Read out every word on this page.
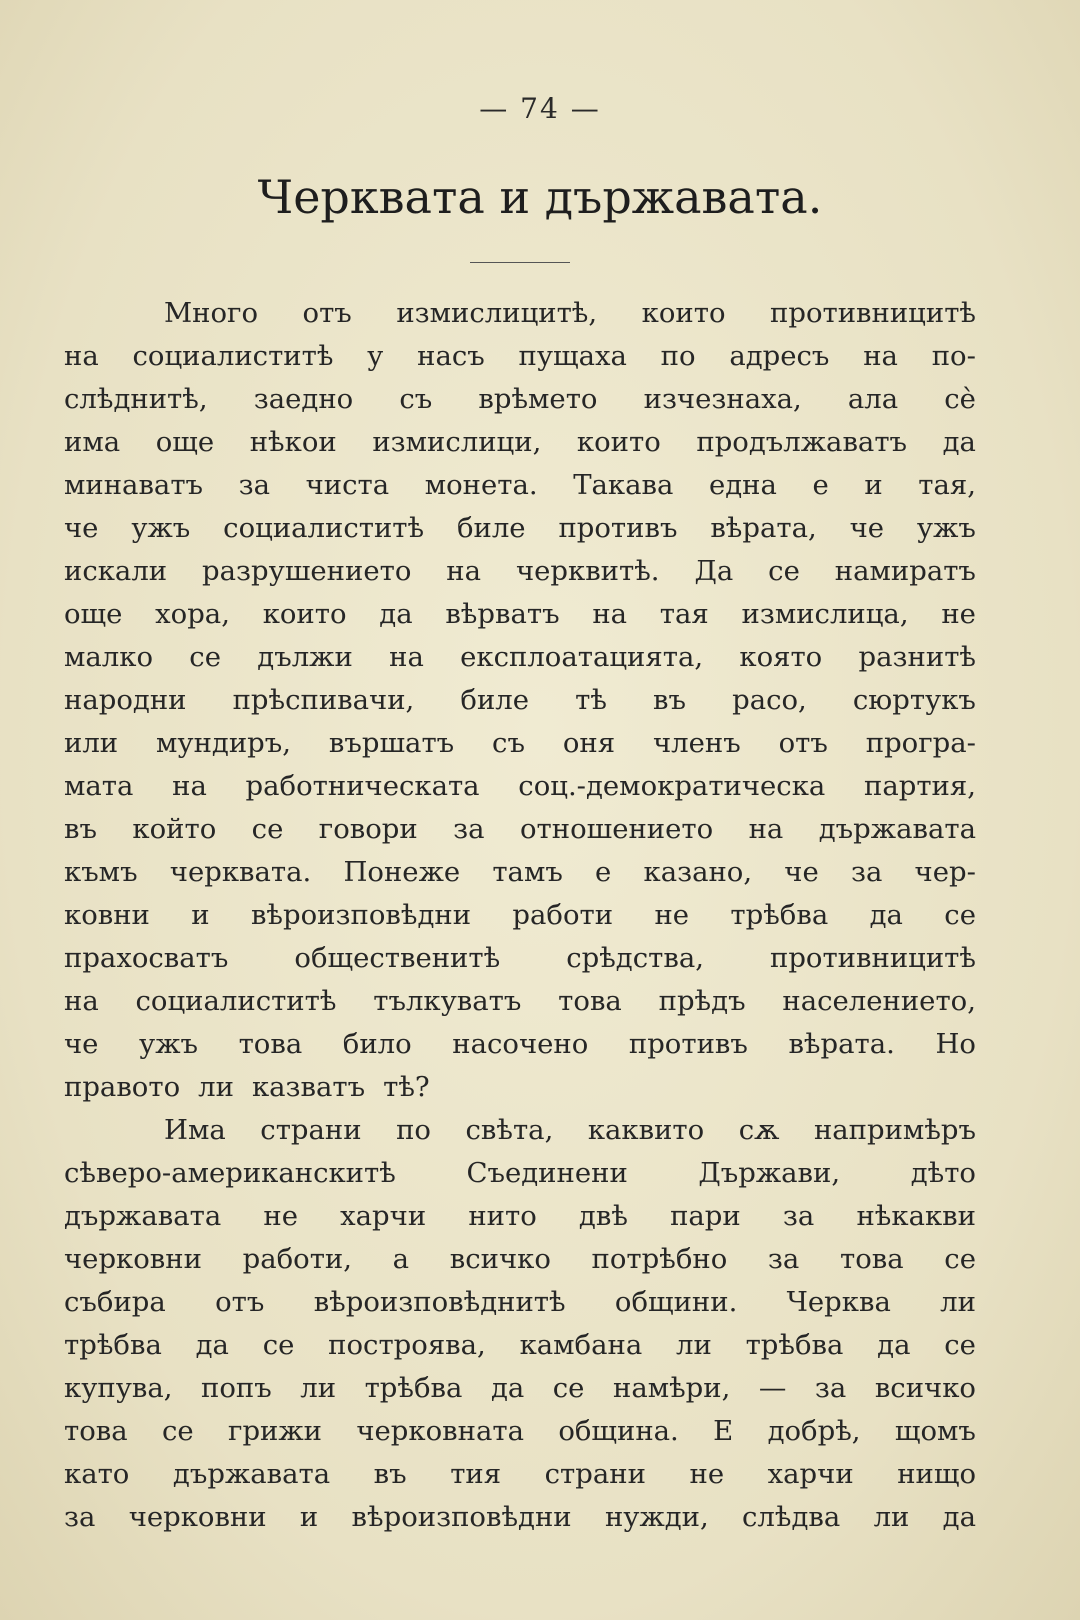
— 74 —
Черквата и държавата.
Много отъ измислицитѣ, които противницитѣ
на социалиститѣ у насъ пущаха по адресъ на по-
слѣднитѣ, заедно съ врѣмето изчезнаха, ала сѐ
има още нѣкои измислици, които продължаватъ да
минаватъ за чиста монета. Такава една е и тая,
че ужъ социалиститѣ биле противъ вѣрата, че ужъ
искали разрушението на черквитѣ. Да се намиратъ
още хора, които да вѣрватъ на тая измислица, не
малко се дължи на експлоатацията, която разнитѣ
народни прѣспивачи, биле тѣ въ расо, сюртукъ
или мундиръ, вършатъ съ оня членъ отъ програ-
мата на работническата соц.-демократическа партия,
въ който се говори за отношението на държавата
къмъ черквата. Понеже тамъ е казано, че за чер-
ковни и вѣроизповѣдни работи не трѣбва да се
прахосватъ общественитѣ срѣдства, противницитѣ
на социалиститѣ тълкуватъ това прѣдъ населението,
че ужъ това било насочено противъ вѣрата. Но
правото ли казватъ тѣ?
Има страни по свѣта, каквито сѫ напримѣръ
сѣверо-американскитѣ	Съединени	Държави,	дѣто
държавата не харчи нито двѣ пари за нѣкакви
черковни работи, а всичко потрѣбно за това се
събира отъ вѣроизповѣднитѣ общини. Черква ли
трѣбва да се построява, камбана ли трѣбва да се
купува, попъ ли трѣбва да се намѣри, — за всичко
това се грижи черковната община. Е добрѣ, щомъ
като държавата въ тия страни не харчи нищо
за черковни и вѣроизповѣдни нужди, слѣдва ли да
